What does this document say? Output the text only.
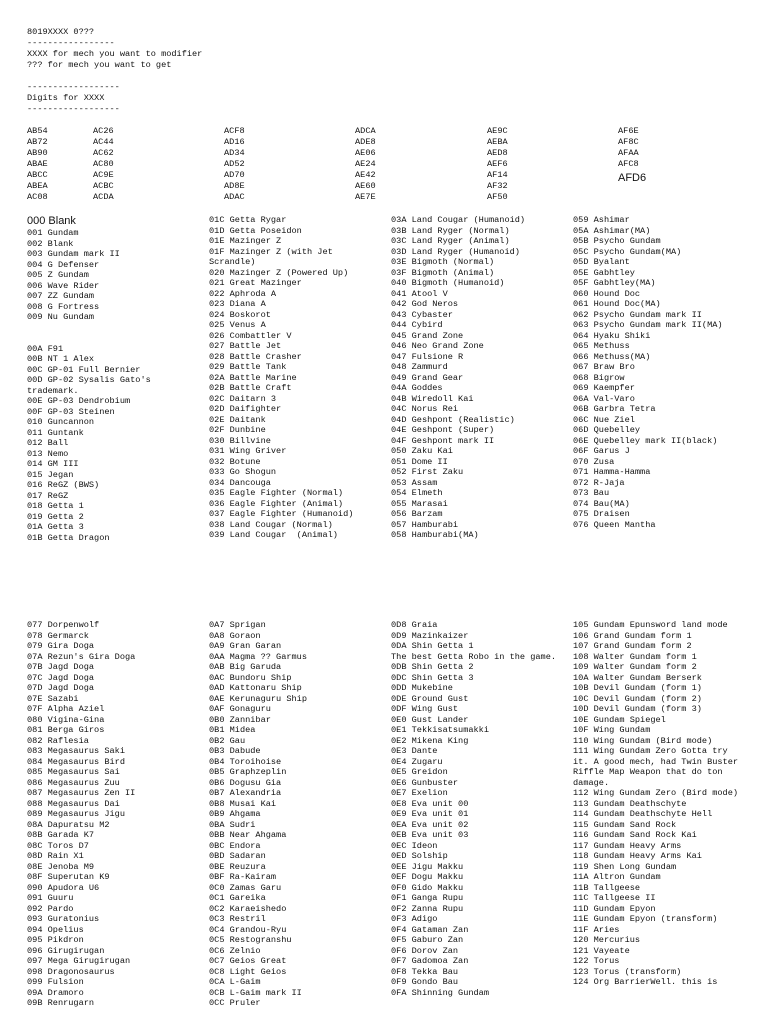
8019XXXX 0???
-----------------
XXXX for mech you want to modifier
??? for mech you want to get
------------------
Digits for XXXX
------------------
AB54
AB72
AB90
ABAE
ABCC
ABEA
AC08
AC26
AC44
AC62
AC80
AC9E
ACBC
ACDA
ACF8
AD16
AD34
AD52
AD70
AD8E
ADAC
ADCA
ADE8
AE06
AE24
AE42
AE60
AE7E
AE9C
AEBA
AED8
AEF6
AF14
AF32
AF50
AF6E
AF8C
AFAA
AFC8
AFD6
000 Blank
001 Gundam
002 Blank
003 Gundam mark II
004 G Defenser
005 Z Gundam
006 Wave Rider
007 ZZ Gundam
008 G Fortress
009 Nu Gundam
00A F91
00B NT 1 Alex
00C GP-01 Full Bernier
00D GP-02 Sysalis Gato's trademark.
00E GP-03 Dendrobium
00F GP-03 Steinen
010 Guncannon
011 Guntank
012 Ball
013 Nemo
014 GM III
015 Jegan
016 ReGZ (BWS)
017 ReGZ
018 Getta 1
019 Getta 2
01A Getta 3
01B Getta Dragon
01C Getta Rygar
01D Getta Poseidon
01E Mazinger Z
01F Mazinger Z (with Jet Scrandle)
020 Mazinger Z (Powered Up)
021 Great Mazinger
022 Aphroda A
023 Diana A
024 Boskorot
025 Venus A
026 Combattler V
027 Battle Jet
028 Battle Crasher
029 Battle Tank
02A Battle Marine
02B Battle Craft
02C Daitarn 3
02D Daifighter
02E Daitank
02F Dunbine
030 Billvine
031 Wing Griver
032 Botune
033 Go Shogun
034 Dancouga
035 Eagle Fighter (Normal)
036 Eagle Fighter (Animal)
037 Eagle Fighter (Humanoid)
038 Land Cougar (Normal)
039 Land Cougar  (Animal)
03A Land Cougar (Humanoid)
03B Land Ryger (Normal)
03C Land Ryger (Animal)
03D Land Ryger (Humanoid)
03E Bigmoth (Normal)
03F Bigmoth (Animal)
040 Bigmoth (Humanoid)
041 Atool V
042 God Neros
043 Cybaster
044 Cybird
045 Grand Zone
046 Neo Grand Zone
047 Fulsione R
048 Zammurd
049 Grand Gear
04A Goddes
04B Wiredoll Kai
04C Norus Rei
04D Geshpont (Realistic)
04E Geshpont (Super)
04F Geshpont mark II
050 Zaku Kai
051 Dome II
052 First Zaku
053 Assam
054 Elmeth
055 Marasai
056 Barzam
057 Hamburabi
058 Hamburabi(MA)
059 Ashimar
05A Ashimar(MA)
05B Psycho Gundam
05C Psycho Gundam(MA)
05D Byalant
05E Gabhtley
05F Gabhtley(MA)
060 Hound Doc
061 Hound Doc(MA)
062 Psycho Gundam mark II
063 Psycho Gundam mark II(MA)
064 Hyaku Shiki
065 Methuss
066 Methuss(MA)
067 Braw Bro
068 Bigrow
069 Kaempfer
06A Val-Varo
06B Garbra Tetra
06C Nue Ziel
06D Quebelley
06E Quebelley mark II(black)
06F Garus J
070 Zusa
071 Hamma-Hamma
072 R-Jaja
073 Bau
074 Bau(MA)
075 Draisen
076 Queen Mantha
077 Dorpenwolf
078 Germarck
079 Gira Doga
07A Rezun's Gira Doga
07B Jagd Doga
07C Jagd Doga
07D Jagd Doga
07E Sazabi
07F Alpha Aziel
080 Vigina-Gina
081 Berga Giros
082 Raflesia
083 Megasaurus Saki
084 Megasaurus Bird
085 Megasaurus Sai
086 Megasaurus Zuu
087 Megasaurus Zen II
088 Megasaurus Dai
089 Megasaurus Jigu
08A Dapuratsu M2
08B Garada K7
08C Toros D7
08D Rain X1
08E Jenoba M9
08F Superutan K9
090 Apudora U6
091 Guuru
092 Pardo
093 Guratonius
094 Opelius
095 Pikdron
096 Girugirugan
097 Mega Girugirugan
098 Dragonosaurus
099 Fulsion
09A Dramoro
09B Renrugarn
0A7 Sprigan
0A8 Goraon
0A9 Gran Garan
0AA Magma ?? Garmus
0AB Big Garuda
0AC Bundoru Ship
0AD Kattonaru Ship
0AE Kerunaguru Ship
0AF Gonaguru
0B0 Zannibar
0B1 Midea
0B2 Gau
0B3 Dabude
0B4 Toroihoise
0B5 Graphzeplin
0B6 Dogusu Gia
0B7 Alexandria
0B8 Musai Kai
0B9 Ahgama
0BA Sudri
0BB Near Ahgama
0BC Endora
0BD Sadaran
0BE Reuzura
0BF Ra-Kairam
0C0 Zamas Garu
0C1 Gareika
0C2 Karaeishedo
0C3 Restril
0C4 Grandou-Ryu
0C5 Restogranshu
0C6 Zelnio
0C7 Geios Great
0C8 Light Geios
0CA L-Gaim
0CB L-Gaim mark II
0CC Pruler
0D8 Graia
0D9 Mazinkaizer
0DA Shin Getta 1
The best Getta Robo in the game.
0DB Shin Getta 2
0DC Shin Getta 3
0DD Mukebine
0DE Ground Gust
0DF Wing Gust
0E0 Gust Lander
0E1 Tekkisatsumakki
0E2 Mikena King
0E3 Dante
0E4 Zugaru
0E5 Greidon
0E6 Gunbuster
0E7 Exelion
0E8 Eva unit 00
0E9 Eva unit 01
0EA Eva unit 02
0EB Eva unit 03
0EC Ideon
0ED Solship
0EE Jigu Makku
0EF Dogu Makku
0F0 Gido Makku
0F1 Ganga Rupu
0F2 Zanna Rupu
0F3 Adigo
0F4 Gataman Zan
0F5 Gaburo Zan
0F6 Dorov Zan
0F7 Gadomoa Zan
0F8 Tekka Bau
0F9 Gondo Bau
0FA Shinning Gundam
105 Gundam Epunsword land mode
106 Grand Gundam form 1
107 Grand Gundam form 2
108 Walter Gundam form 1
109 Walter Gundam form 2
10A Walter Gundam Berserk
10B Devil Gundam (form 1)
10C Devil Gundam (form 2)
10D Devil Gundam (form 3)
10E Gundam Spiegel
10F Wing Gundam
110 Wing Gundam (Bird mode)
111 Wing Gundam Zero Gotta try it. A good mech, had Twin Buster Riffle Map Weapon that do ton damage.
112 Wing Gundam Zero (Bird mode)
113 Gundam Deathschyte
114 Gundam Deathschyte Hell
115 Gundam Sand Rock
116 Gundam Sand Rock Kai
117 Gundam Heavy Arms
118 Gundam Heavy Arms Kai
119 Shen Long Gundam
11A Altron Gundam
11B Tallgeese
11C Tallgeese II
11D Gundam Epyon
11E Gundam Epyon (transform)
11F Aries
120 Mercurius
121 Vayeate
122 Torus
123 Torus (transform)
124 Org BarrierWell. this is
